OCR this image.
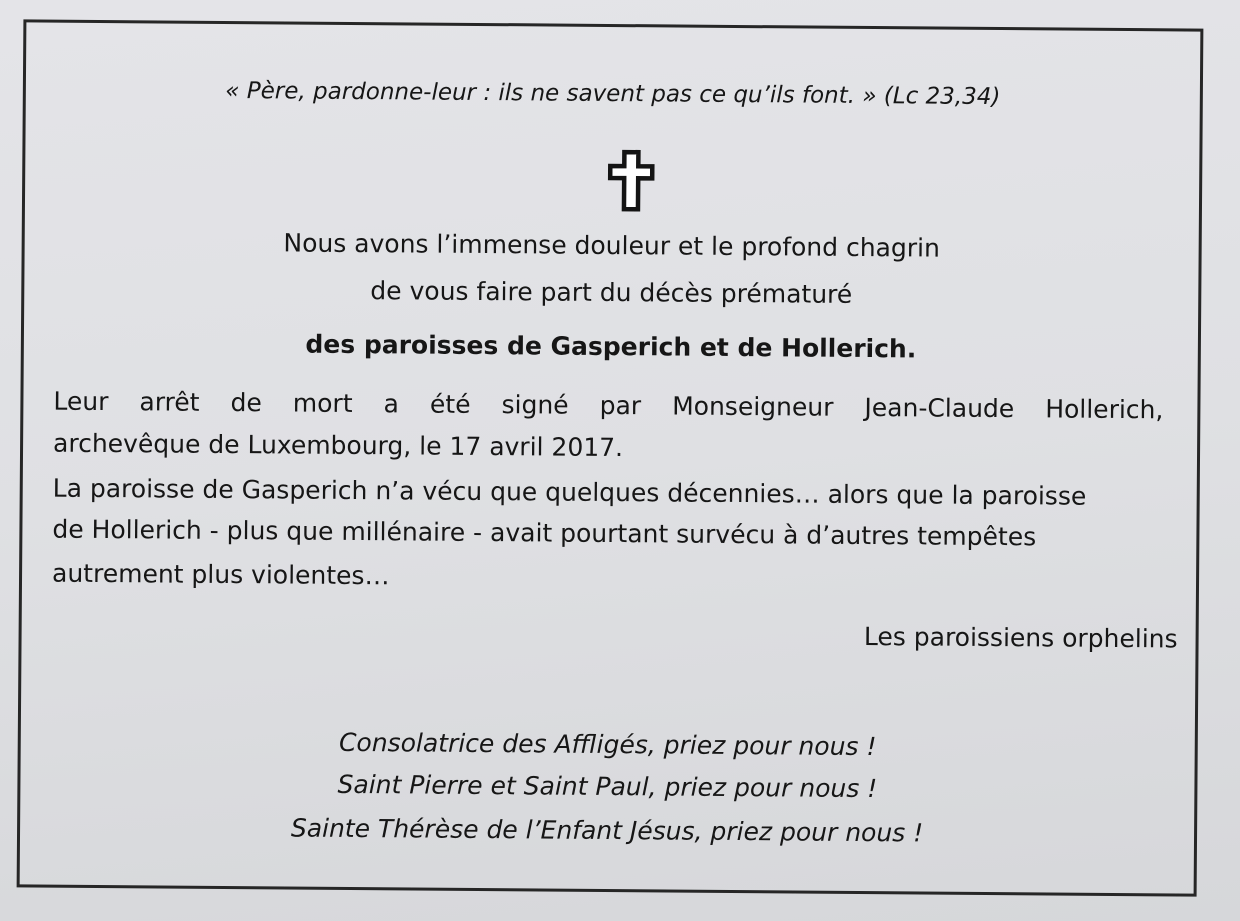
« Père, pardonne-leur : ils ne savent pas ce qu’ils font. » (Lc 23,34)
Nous avons l’immense douleur et le profond chagrin
de vous faire part du décès prématuré
des paroisses de Gasperich et de Hollerich.
Leur arrêt de mort a été signé par Monseigneur Jean-Claude Hollerich,
archevêque de Luxembourg, le 17 avril 2017.
La paroisse de Gasperich n’a vécu que quelques décennies… alors que la paroisse
de Hollerich - plus que millénaire - avait pourtant survécu à d’autres tempêtes
autrement plus violentes…
Les paroissiens orphelins
Consolatrice des Affligés, priez pour nous !
Saint Pierre et Saint Paul, priez pour nous !
Sainte Thérèse de l’Enfant Jésus, priez pour nous !
